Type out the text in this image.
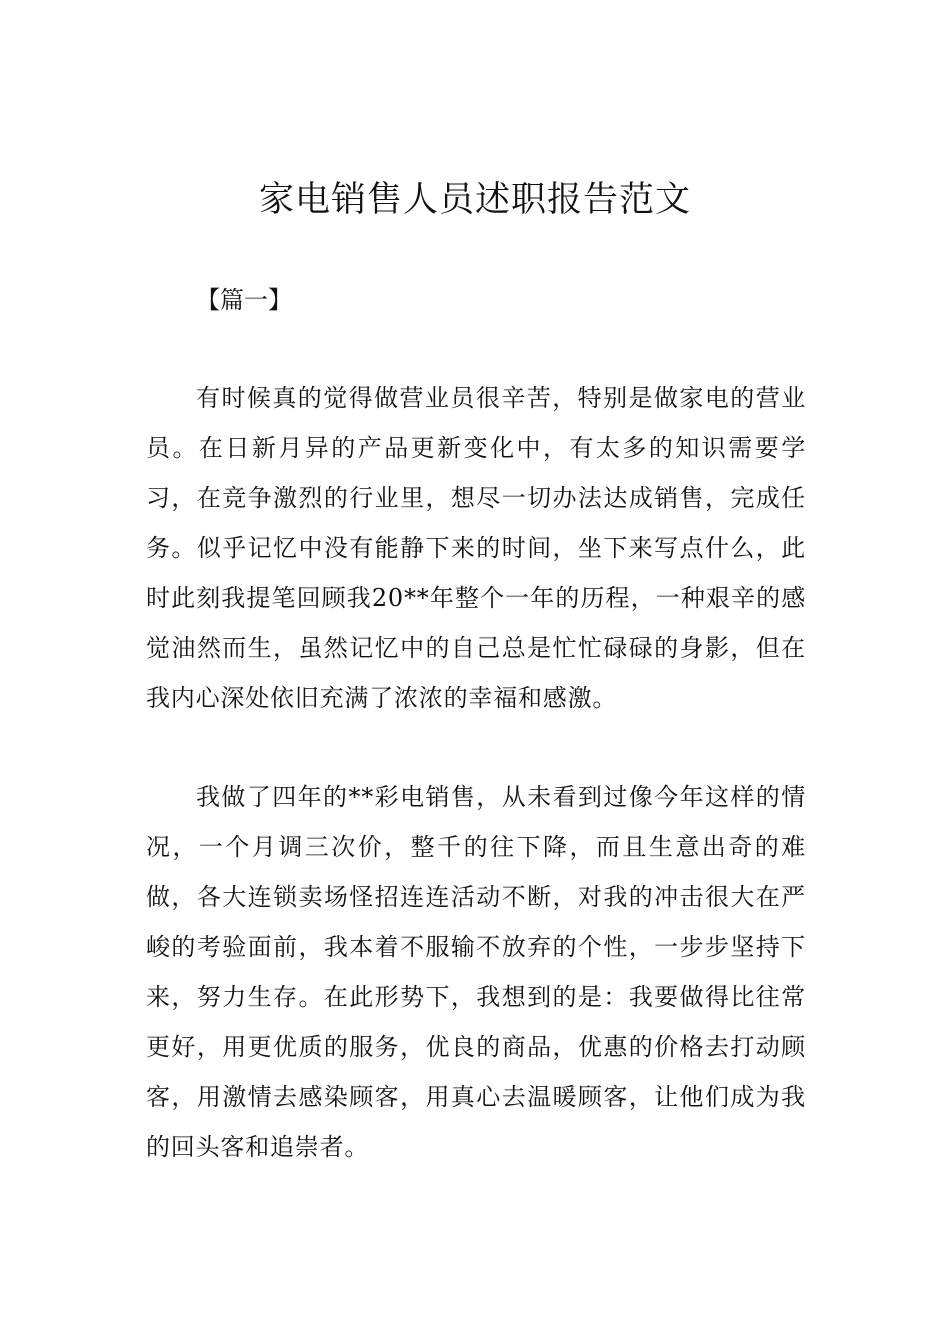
家电销售人员述职报告范文
【篇一】

有时候真的觉得做营业员很辛苦，特别是做家电的营业员。在日新月异的产品更新变化中，有太多的知识需要学习，在竞争激烈的行业里，想尽一切办法达成销售，完成任务。似乎记忆中没有能静下来的时间，坐下来写点什么，此时此刻我提笔回顾我20**年整个一年的历程，一种艰辛的感觉油然而生，虽然记忆中的自己总是忙忙碌碌的身影，但在我内心深处依旧充满了浓浓的幸福和感激。

我做了四年的**彩电销售，从未看到过像今年这样的情况，一个月调三次价，整千的往下降，而且生意出奇的难做，各大连锁卖场怪招连连活动不断，对我的冲击很大在严峻的考验面前，我本着不服输不放弃的个性，一步步坚持下来，努力生存。在此形势下，我想到的是：我要做得比往常更好，用更优质的服务，优良的商品，优惠的价格去打动顾客，用激情去感染顾客，用真心去温暖顾客，让他们成为我的回头客和追崇者。
